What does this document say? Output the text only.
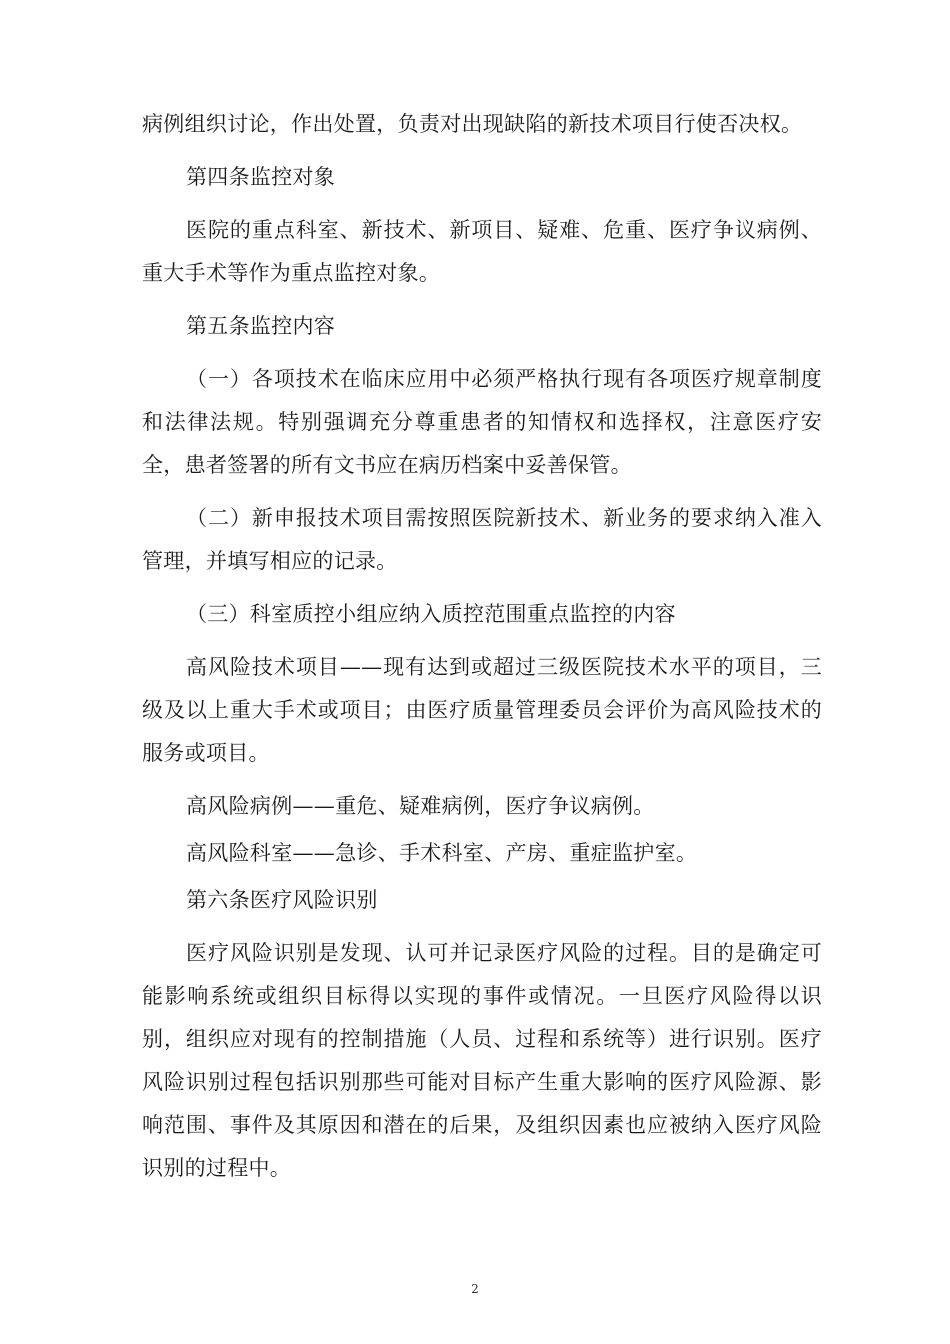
病例组织讨论，作出处置，负责对出现缺陷的新技术项目行使否决权。

第四条监控对象

医院的重点科室、新技术、新项目、疑难、危重、医疗争议病例、重大手术等作为重点监控对象。

第五条监控内容

（一）各项技术在临床应用中必须严格执行现有各项医疗规章制度和法律法规。特别强调充分尊重患者的知情权和选择权，注意医疗安全，患者签署的所有文书应在病历档案中妥善保管。

（二）新申报技术项目需按照医院新技术、新业务的要求纳入准入管理，并填写相应的记录。

（三）科室质控小组应纳入质控范围重点监控的内容

高风险技术项目——现有达到或超过三级医院技术水平的项目，三级及以上重大手术或项目；由医疗质量管理委员会评价为高风险技术的服务或项目。

高风险病例——重危、疑难病例，医疗争议病例。

高风险科室——急诊、手术科室、产房、重症监护室。

第六条医疗风险识别

医疗风险识别是发现、认可并记录医疗风险的过程。目的是确定可能影响系统或组织目标得以实现的事件或情况。一旦医疗风险得以识别，组织应对现有的控制措施（人员、过程和系统等）进行识别。医疗风险识别过程包括识别那些可能对目标产生重大影响的医疗风险源、影响范围、事件及其原因和潜在的后果，及组织因素也应被纳入医疗风险识别的过程中。

2
